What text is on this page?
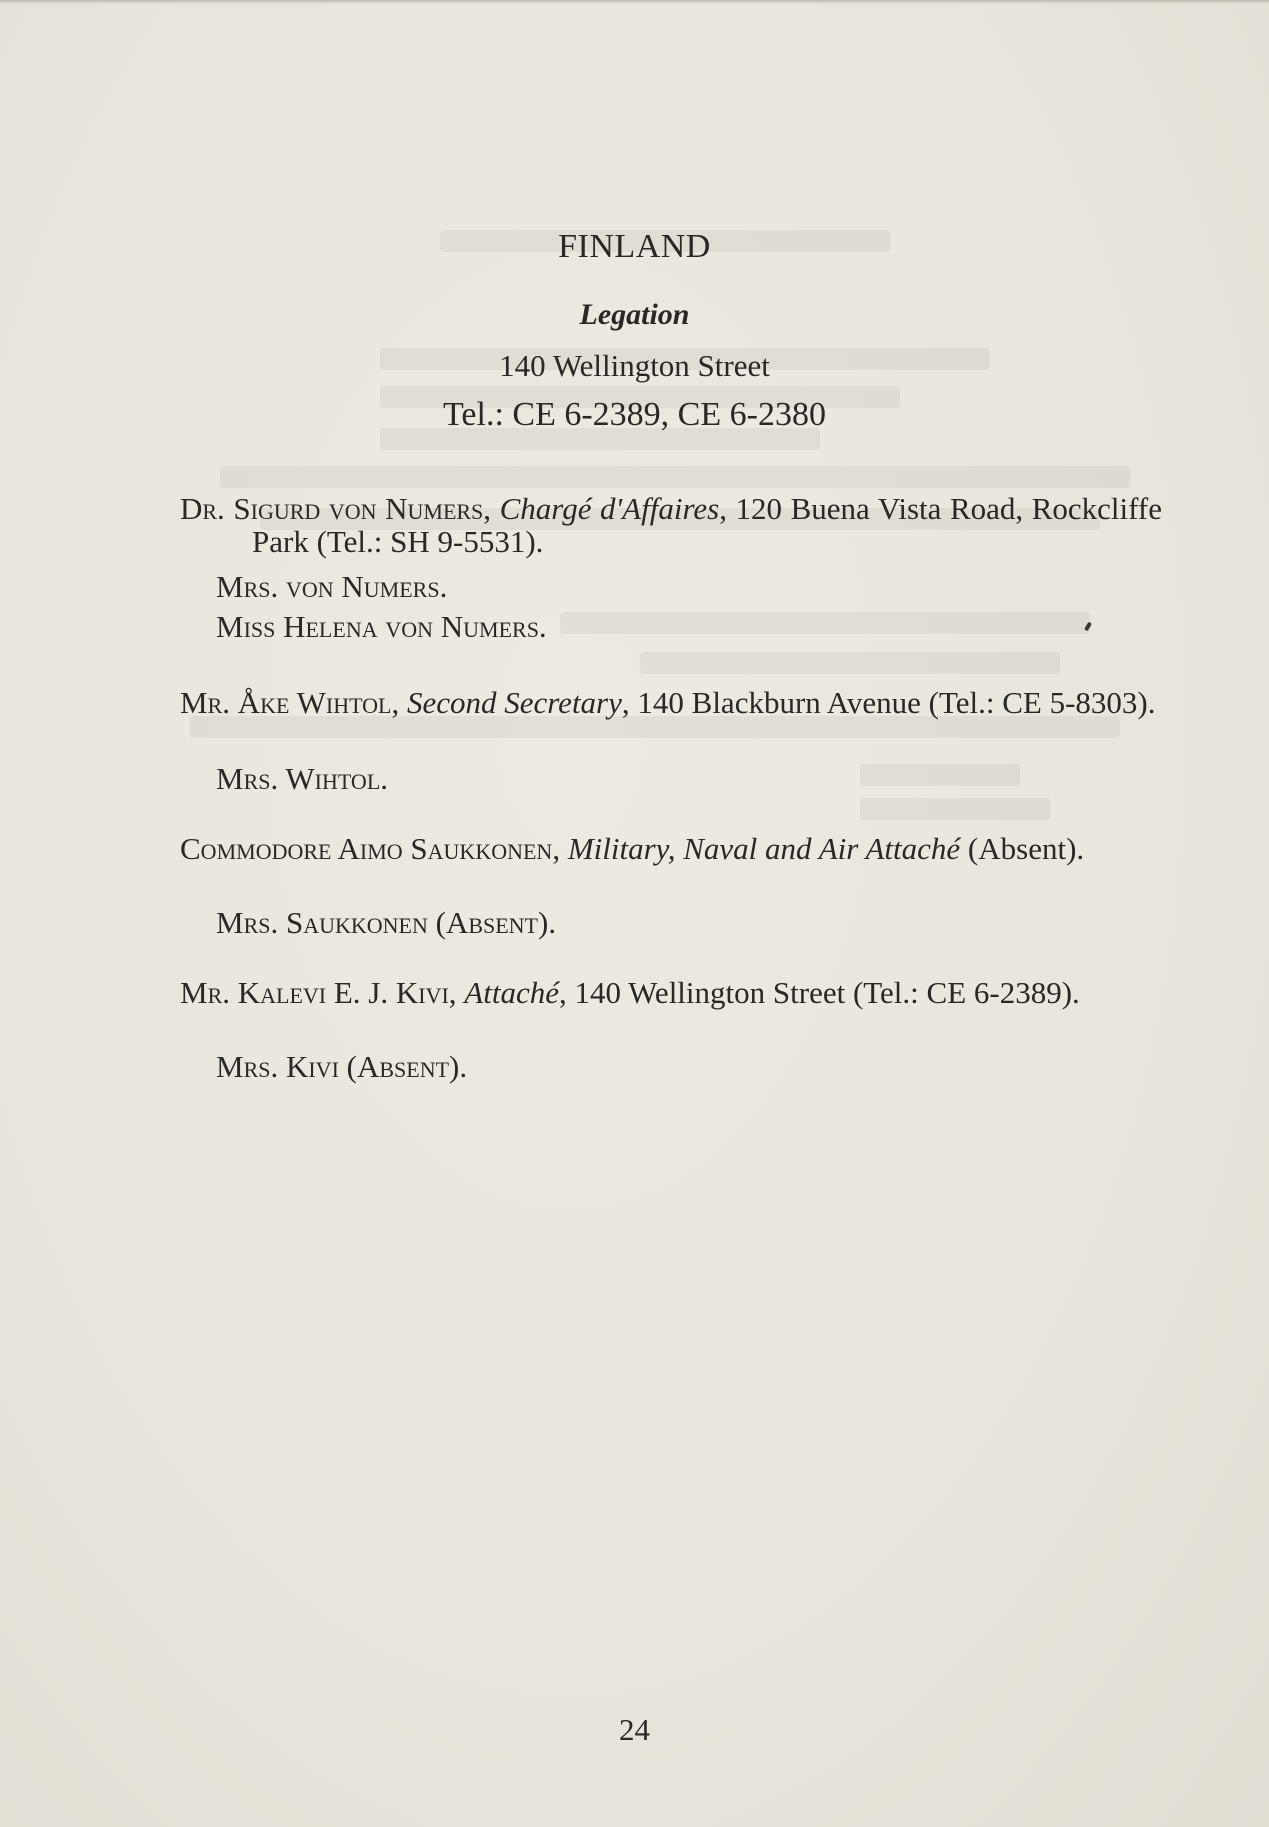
FINLAND
Legation
140 Wellington Street
Tel.: CE 6-2389, CE 6-2380
Dr. Sigurd von Numers, Chargé d'Affaires, 120 Buena Vista Road, Rockcliffe Park (Tel.: SH 9-5531).
Mrs. von Numers.
Miss Helena von Numers.
Mr. Åke Wihtol, Second Secretary, 140 Blackburn Avenue (Tel.: CE 5-8303).
Mrs. Wihtol.
Commodore Aimo Saukkonen, Military, Naval and Air Attaché (Absent).
Mrs. Saukkonen (Absent).
Mr. Kalevi E. J. Kivi, Attaché, 140 Wellington Street (Tel.: CE 6-2389).
Mrs. Kivi (Absent).
24
